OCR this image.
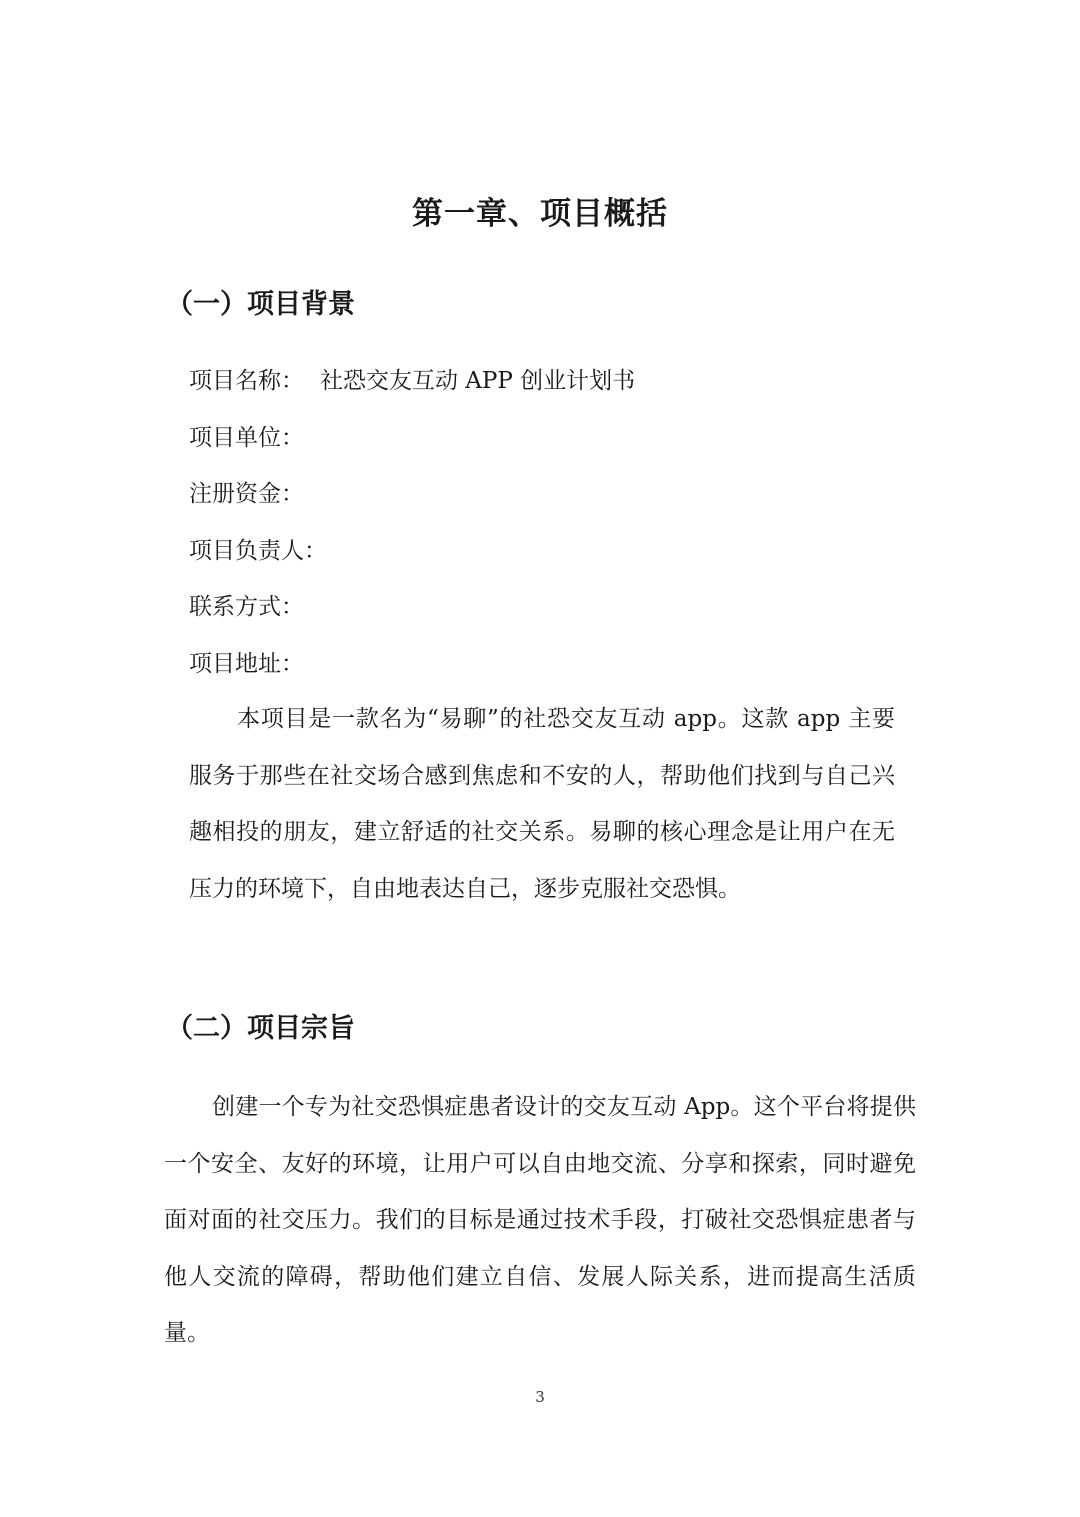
第一章、项目概括
（一）项目背景
项目名称： 社恐交友互动 APP 创业计划书
项目单位：
注册资金：
项目负责人：
联系方式：
项目地址：

本项目是一款名为“易聊”的社恐交友互动 app。这款 app 主要服务于那些在社交场合感到焦虑和不安的人，帮助他们找到与自己兴趣相投的朋友，建立舒适的社交关系。易聊的核心理念是让用户在无压力的环境下，自由地表达自己，逐步克服社交恐惧。

（二）项目宗旨

创建一个专为社交恐惧症患者设计的交友互动 App。这个平台将提供一个安全、友好的环境，让用户可以自由地交流、分享和探索，同时避免面对面的社交压力。我们的目标是通过技术手段，打破社交恐惧症患者与他人交流的障碍，帮助他们建立自信、发展人际关系，进而提高生活质量。

3
